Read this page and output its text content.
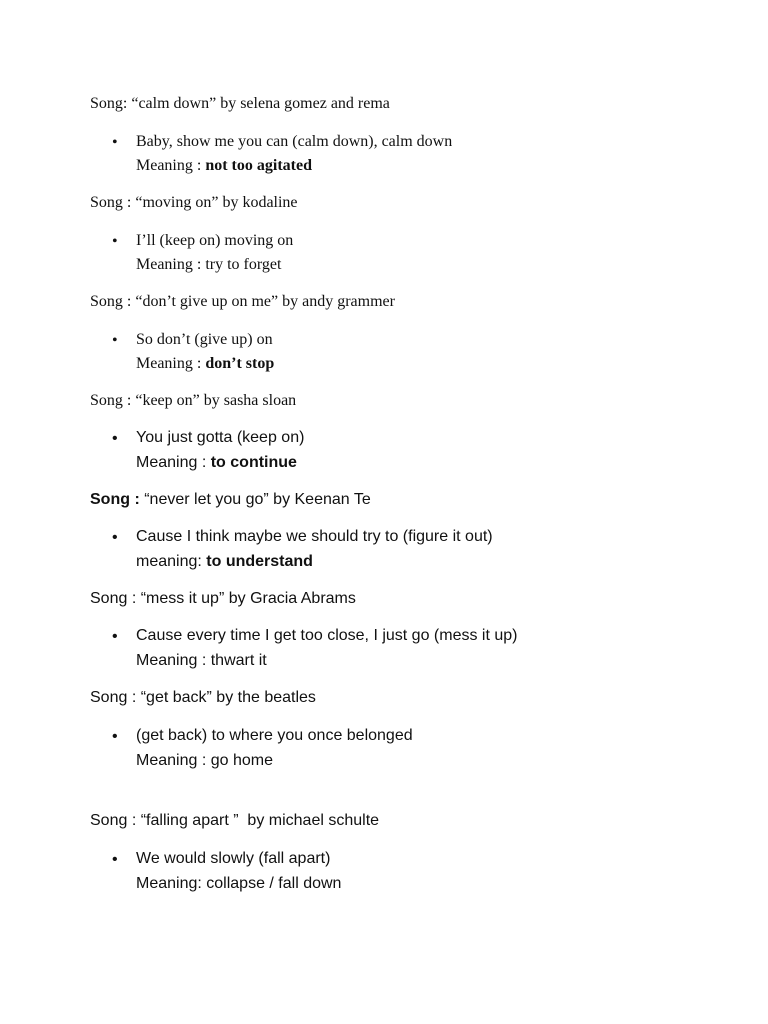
Song: “calm down” by selena gomez and rema
• Baby, show me you can (calm down), calm down
Meaning : not too agitated
Song : “moving on” by kodaline
• I’ll (keep on) moving on
Meaning : try to forget
Song : “don’t give up on me” by andy grammer
• So don’t (give up) on
Meaning : don’t stop
Song : “keep on” by sasha sloan
• You just gotta (keep on)
Meaning : to continue
Song : “never let you go” by Keenan Te
• Cause I think maybe we should try to (figure it out)
meaning: to understand
Song : “mess it up” by Gracia Abrams
• Cause every time I get too close, I just go (mess it up)
Meaning : thwart it
Song : “get back” by the beatles
• (get back) to where you once belonged
Meaning : go home
Song : “falling apart ”  by michael schulte
• We would slowly (fall apart)
Meaning: collapse / fall down
